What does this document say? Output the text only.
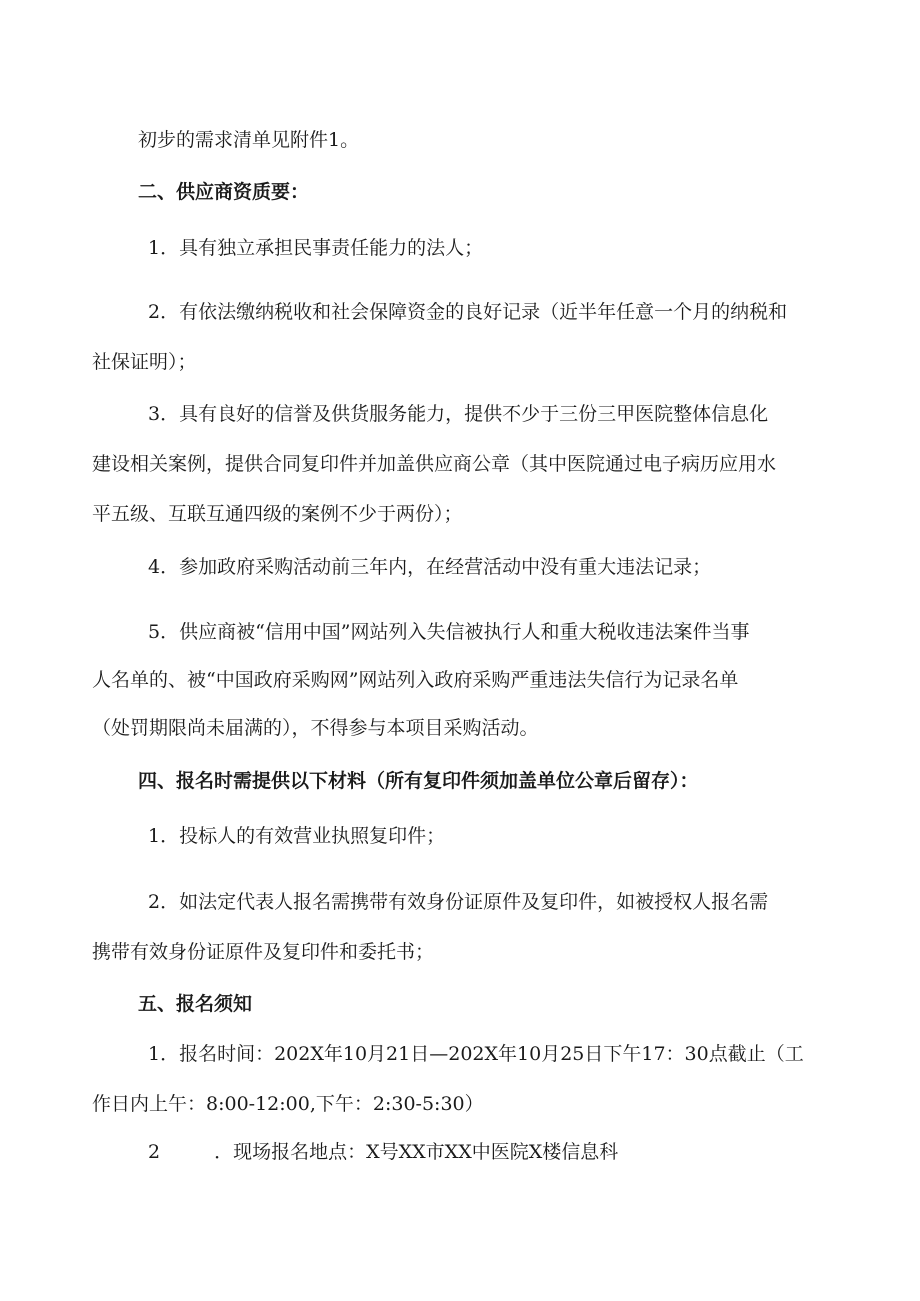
初步的需求清单见附件1。
二、供应商资质要：
1．具有独立承担民事责任能力的法人；
2．有依法缴纳税收和社会保障资金的良好记录（近半年任意一个月的纳税和
社保证明）；
3．具有良好的信誉及供货服务能力，提供不少于三份三甲医院整体信息化
建设相关案例，提供合同复印件并加盖供应商公章（其中医院通过电子病历应用水
平五级、互联互通四级的案例不少于两份）；
4．参加政府采购活动前三年内，在经营活动中没有重大违法记录；
5．供应商被“信用中国”网站列入失信被执行人和重大税收违法案件当事
人名单的、被“中国政府采购网”网站列入政府采购严重违法失信行为记录名单
（处罚期限尚未届满的），不得参与本项目采购活动。
四、报名时需提供以下材料（所有复印件须加盖单位公章后留存）：
1．投标人的有效营业执照复印件；
2．如法定代表人报名需携带有效身份证原件及复印件，如被授权人报名需
携带有效身份证原件及复印件和委托书；
五、报名须知
1．报名时间：202X年10月21日—202X年10月25日下午17：30点截止（工
作日内上午：8:00-12:00,下午：2:30-5:30）
2	．现场报名地点：X号XX市XX中医院X楼信息科
